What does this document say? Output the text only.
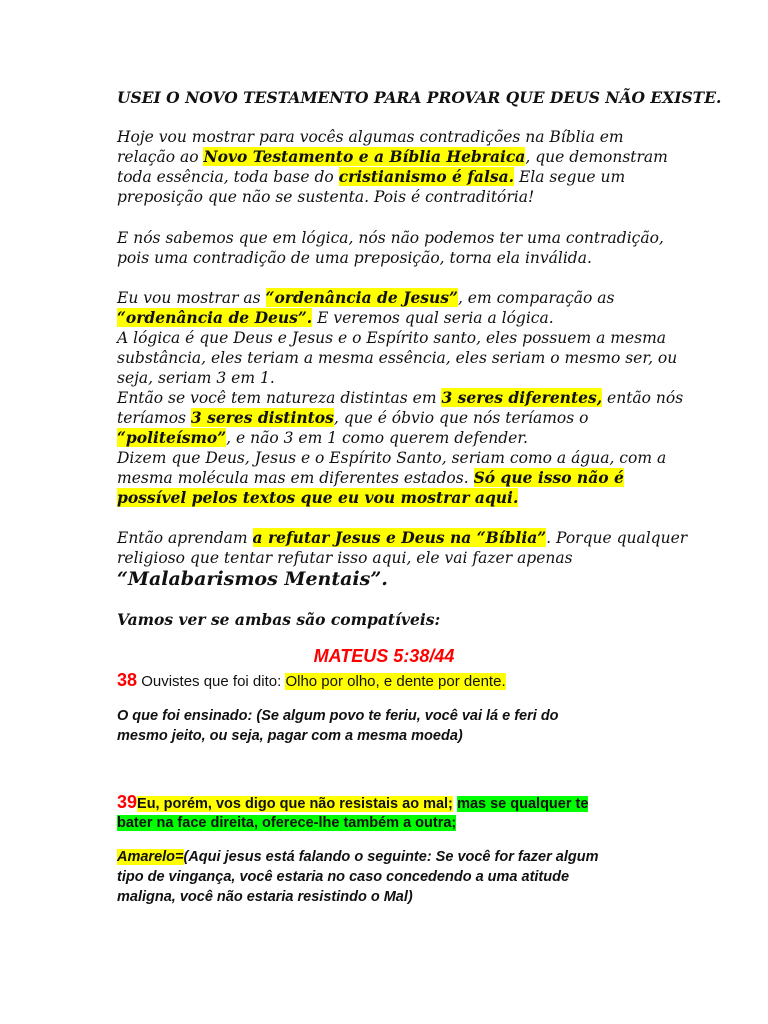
USEI O NOVO TESTAMENTO PARA PROVAR QUE DEUS NÃO EXISTE.
Hoje vou mostrar para vocês algumas contradições na Bíblia em
relação ao Novo Testamento e a Bíblia Hebraica, que demonstram
toda essência, toda base do cristianismo é falsa. Ela segue um
preposição que não se sustenta. Pois é contraditória!
E nós sabemos que em lógica, nós não podemos ter uma contradição,
pois uma contradição de uma preposição, torna ela inválida.
Eu vou mostrar as “ordenância de Jesus”, em comparação as
“ordenância de Deus”. E veremos qual seria a lógica.
A lógica é que Deus e Jesus e o Espírito santo, eles possuem a mesma
substância, eles teriam a mesma essência, eles seriam o mesmo ser, ou
seja, seriam 3 em 1.
Então se você tem natureza distintas em 3 seres diferentes, então nós
teríamos 3 seres distintos, que é óbvio que nós teríamos o
“politeísmo”, e não 3 em 1 como querem defender.
Dizem que Deus, Jesus e o Espírito Santo, seriam como a água, com a
mesma molécula mas em diferentes estados. Só que isso não é
possível pelos textos que eu vou mostrar aqui.
Então aprendam a refutar Jesus e Deus na “Bíblia”. Porque qualquer
religioso que tentar refutar isso aqui, ele vai fazer apenas
“Malabarismos Mentais”.
Vamos ver se ambas são compatíveis:
MATEUS 5:38/44
38 Ouvistes que foi dito: Olho por olho, e dente por dente.
O que foi ensinado: (Se algum povo te feriu, você vai lá e feri do
mesmo jeito, ou seja, pagar com a mesma moeda)
39Eu, porém, vos digo que não resistais ao mal; mas se qualquer te
bater na face direita, oferece-lhe também a outra;
Amarelo=(Aqui jesus está falando o seguinte: Se você for fazer algum
tipo de vingança, você estaria no caso concedendo a uma atitude
maligna, você não estaria resistindo o Mal)
